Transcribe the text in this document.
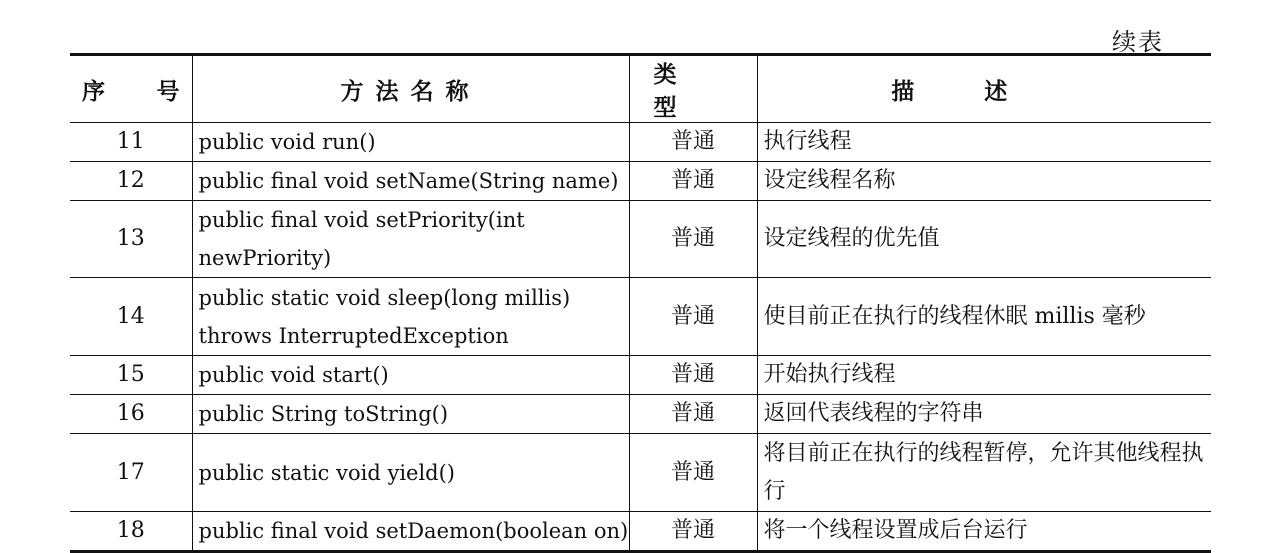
续表
序 号	方法名称	类型	描述
11	public void run()	普通	执行线程
12	public final void setName(String name)	普通	设定线程名称
13	public final void setPriority(int newPriority)	普通	设定线程的优先值
14	public static void sleep(long millis) throws InterruptedException	普通	使目前正在执行的线程休眠 millis 毫秒
15	public void start()	普通	开始执行线程
16	public String toString()	普通	返回代表线程的字符串
17	public static void yield()	普通	将目前正在执行的线程暂停，允许其他线程执行
18	public final void setDaemon(boolean on)	普通	将一个线程设置成后台运行
